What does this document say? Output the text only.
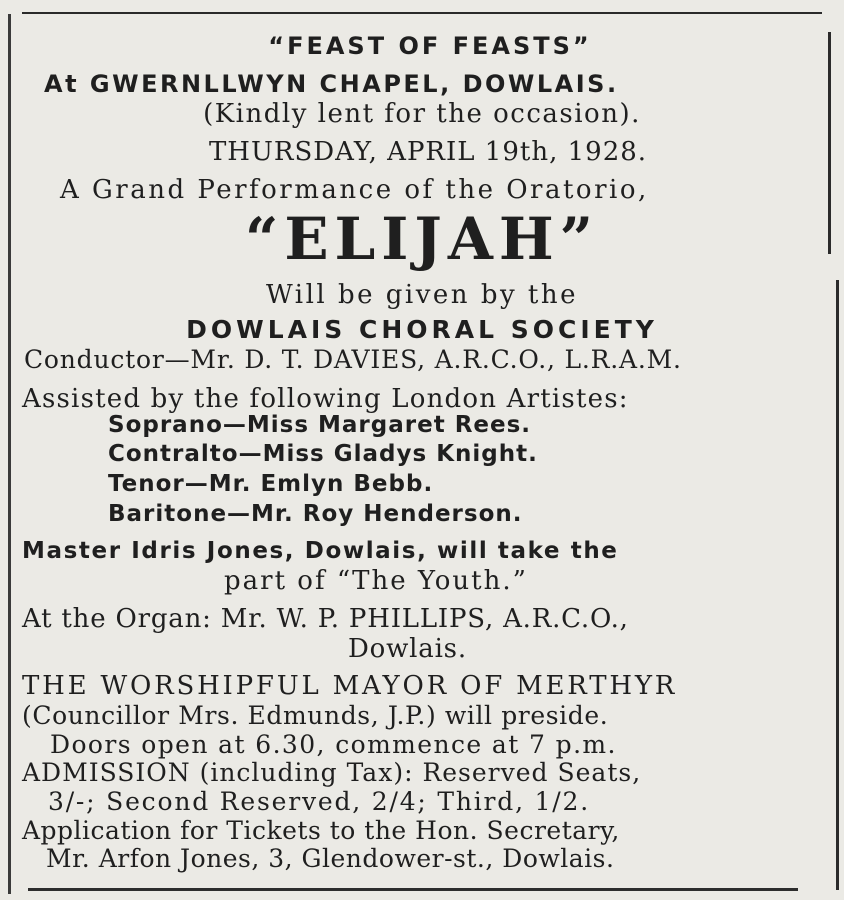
“FEAST OF FEASTS”
At GWERNLLWYN CHAPEL, DOWLAIS.
(Kindly lent for the occasion).
THURSDAY, APRIL 19th, 1928.
A Grand Performance of the Oratorio,
“ELIJAH”
Will be given by the
DOWLAIS CHORAL SOCIETY
Conductor—Mr. D. T. DAVIES, A.R.C.O., L.R.A.M.
Assisted by the following London Artistes:
Soprano—Miss Margaret Rees.
Contralto—Miss Gladys Knight.
Tenor—Mr. Emlyn Bebb.
Baritone—Mr. Roy Henderson.
Master Idris Jones, Dowlais, will take the
part of “The Youth.”
At the Organ: Mr. W. P. PHILLIPS, A.R.C.O.,
Dowlais.
THE WORSHIPFUL MAYOR OF MERTHYR
(Councillor Mrs. Edmunds, J.P.) will preside.
Doors open at 6.30, commence at 7 p.m.
ADMISSION (including Tax): Reserved Seats,
3/-; Second Reserved, 2/4; Third, 1/2.
Application for Tickets to the Hon. Secretary,
Mr. Arfon Jones, 3, Glendower-st., Dowlais.
